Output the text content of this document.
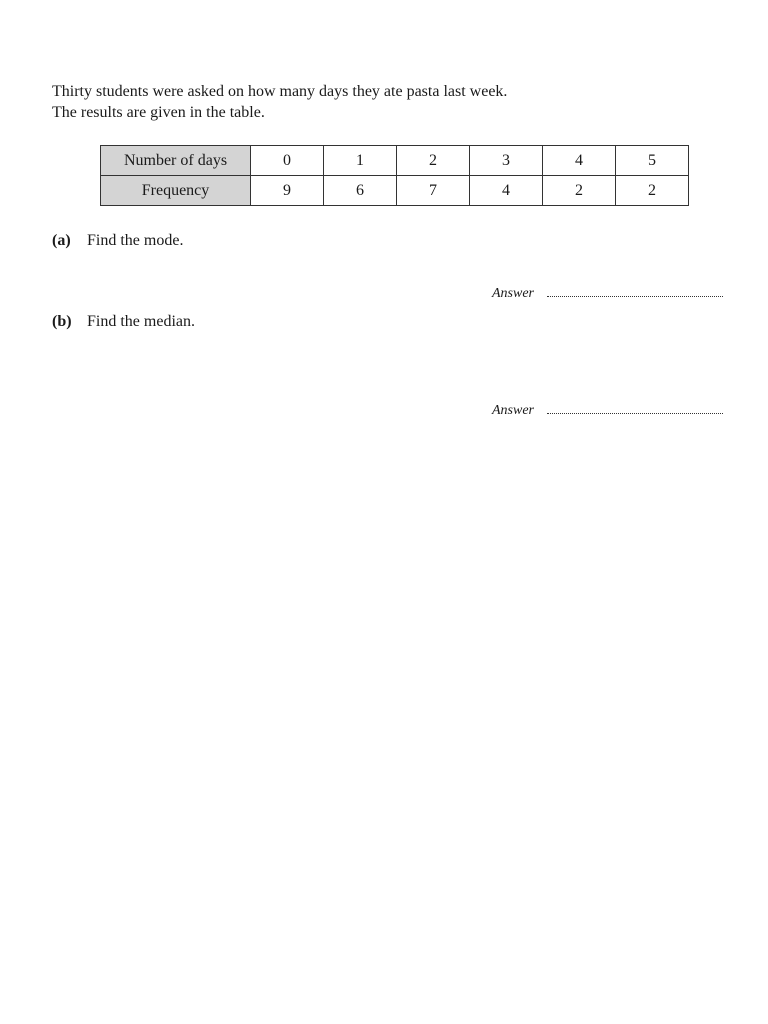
Thirty students were asked on how many days they ate pasta last week.
The results are given in the table.
Number of days	0	1	2	3	4	5
Frequency	9	6	7	4	2	2
(a) Find the mode.
Answer
(b) Find the median.
Answer
